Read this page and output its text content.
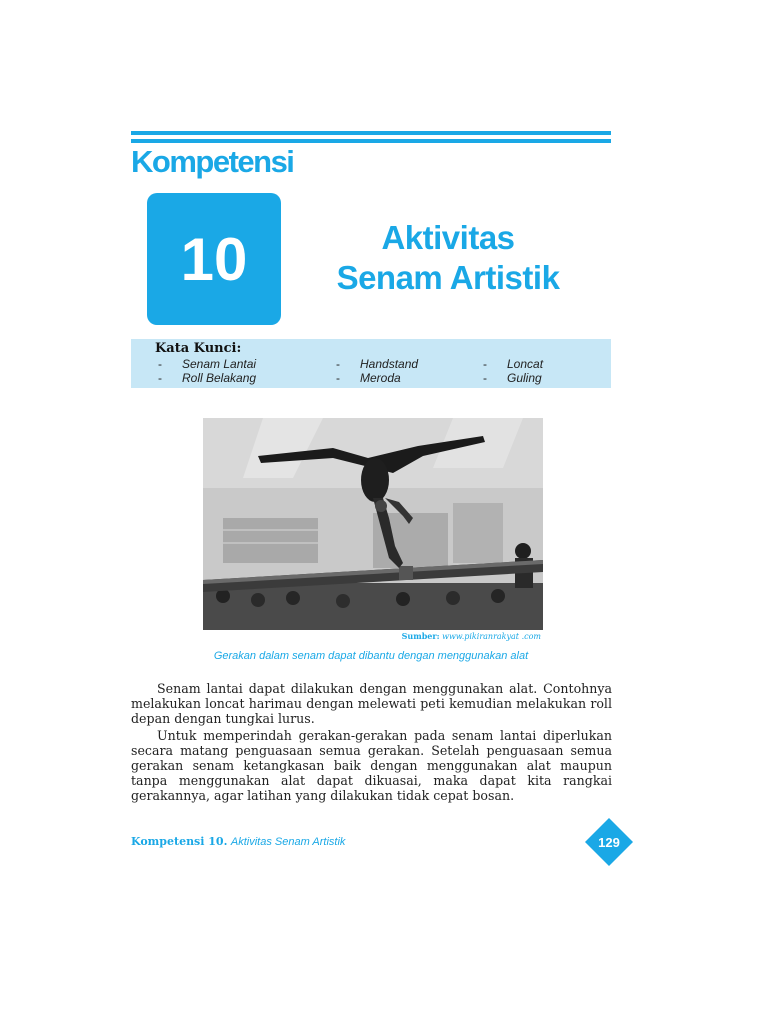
Kompetensi
10	Aktivitas
Senam Artistik
Kata Kunci:
- Senam Lantai
- Roll Belakang
- Handstand
- Meroda
- Loncat
- Guling
Sumber: www.pikiranrakyat .com
Gerakan dalam senam dapat dibantu dengan menggunakan alat

Senam lantai dapat dilakukan dengan menggunakan alat. Contohnya melakukan loncat harimau dengan melewati peti kemudian melakukan roll depan dengan tungkai lurus.

Untuk memperindah gerakan-gerakan pada senam lantai diperlukan secara matang penguasaan semua gerakan. Setelah penguasaan semua gerakan senam ketangkasan baik dengan menggunakan alat maupun tanpa menggunakan alat dapat dikuasai, maka dapat kita rangkai gerakannya, agar latihan yang dilakukan tidak cepat bosan.

Kompetensi 10. Aktivitas Senam Artistik	129
